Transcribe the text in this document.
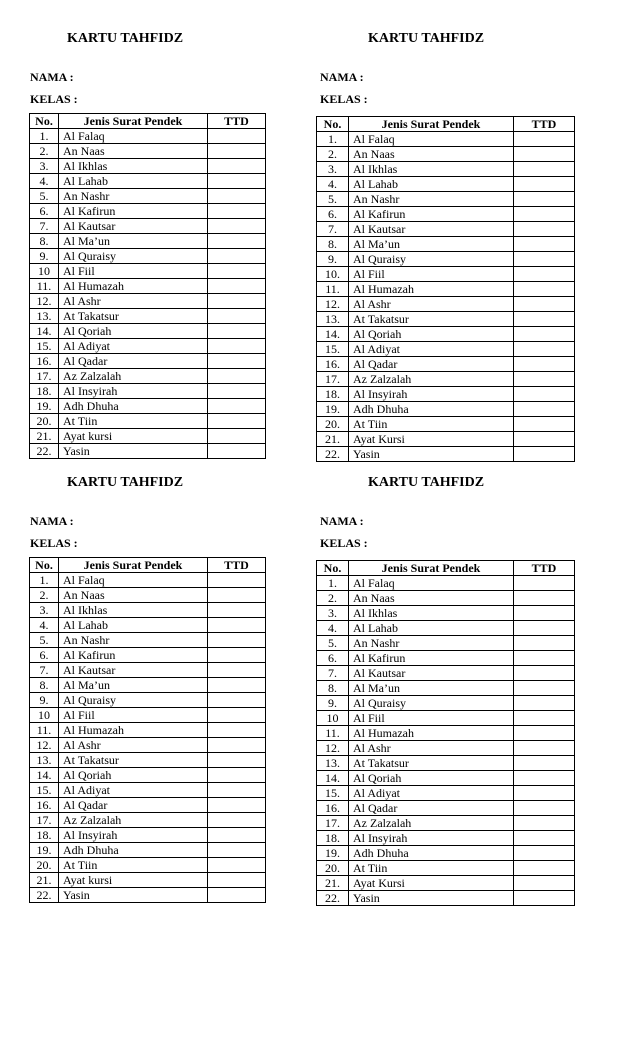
KARTU TAHFIDZ
NAMA :
KELAS :
No.	Jenis Surat Pendek	TTD
1.	Al Falaq	
2.	An Naas	
3.	Al Ikhlas	
4.	Al Lahab	
5.	An Nashr	
6.	Al Kafirun	
7.	Al Kautsar	
8.	Al Ma’un	
9.	Al Quraisy	
10	Al Fiil	
11.	Al Humazah	
12.	Al Ashr	
13.	At Takatsur	
14.	Al Qoriah	
15.	Al Adiyat	
16.	Al Qadar	
17.	Az Zalzalah	
18.	Al Insyirah	
19.	Adh Dhuha	
20.	At Tiin	
21.	Ayat kursi	
22.	Yasin	
KARTU TAHFIDZ
NAMA :
KELAS :
No.	Jenis Surat Pendek	TTD
1.	Al Falaq	
2.	An Naas	
3.	Al Ikhlas	
4.	Al Lahab	
5.	An Nashr	
6.	Al Kafirun	
7.	Al Kautsar	
8.	Al Ma’un	
9.	Al Quraisy	
10.	Al Fiil	
11.	Al Humazah	
12.	Al Ashr	
13.	At Takatsur	
14.	Al Qoriah	
15.	Al Adiyat	
16.	Al Qadar	
17.	Az Zalzalah	
18.	Al Insyirah	
19.	Adh Dhuha	
20.	At Tiin	
21.	Ayat Kursi	
22.	Yasin	
KARTU TAHFIDZ
NAMA :
KELAS :
No.	Jenis Surat Pendek	TTD
1.	Al Falaq	
2.	An Naas	
3.	Al Ikhlas	
4.	Al Lahab	
5.	An Nashr	
6.	Al Kafirun	
7.	Al Kautsar	
8.	Al Ma’un	
9.	Al Quraisy	
10	Al Fiil	
11.	Al Humazah	
12.	Al Ashr	
13.	At Takatsur	
14.	Al Qoriah	
15.	Al Adiyat	
16.	Al Qadar	
17.	Az Zalzalah	
18.	Al Insyirah	
19.	Adh Dhuha	
20.	At Tiin	
21.	Ayat kursi	
22.	Yasin	
KARTU TAHFIDZ
NAMA :
KELAS :
No.	Jenis Surat Pendek	TTD
1.	Al Falaq	
2.	An Naas	
3.	Al Ikhlas	
4.	Al Lahab	
5.	An Nashr	
6.	Al Kafirun	
7.	Al Kautsar	
8.	Al Ma’un	
9.	Al Quraisy	
10	Al Fiil	
11.	Al Humazah	
12.	Al Ashr	
13.	At Takatsur	
14.	Al Qoriah	
15.	Al Adiyat	
16.	Al Qadar	
17.	Az Zalzalah	
18.	Al Insyirah	
19.	Adh Dhuha	
20.	At Tiin	
21.	Ayat Kursi	
22.	Yasin	
